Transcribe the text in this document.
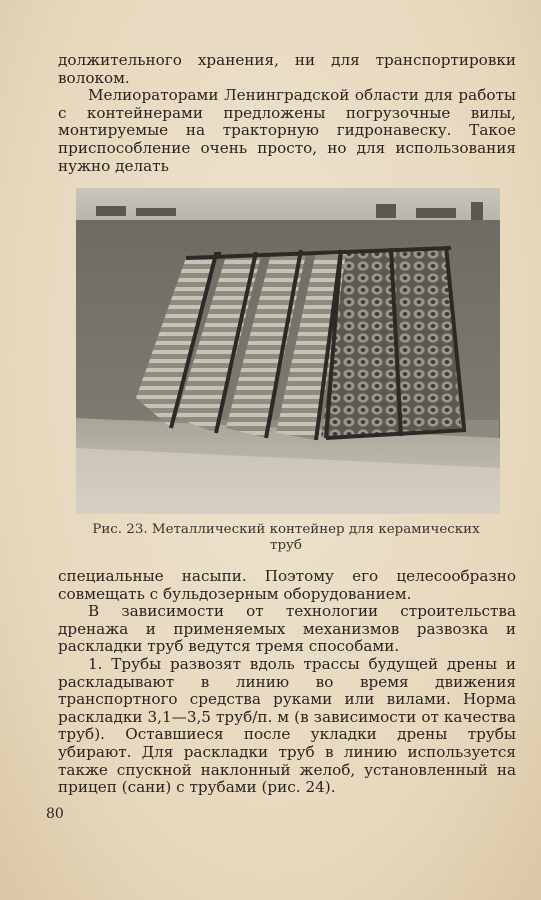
должительного хранения, ни для транспортировки волоком.

Мелиораторами Ленинградской области для работы с контейнерами предложены погрузочные вилы, монтируемые на тракторную гидронавеску. Такое приспособление очень просто, но для использования нужно делать

Рис. 23. Металлический контейнер для керамических труб

специальные насыпи. Поэтому его целесообразно совмещать с бульдозерным оборудованием.

В зависимости от технологии строительства дренажа и применяемых механизмов развозка и раскладки труб ведутся тремя способами.

1. Трубы развозят вдоль трассы будущей дрены и раскладывают в линию во время движения транспортного средства руками или вилами. Норма раскладки 3,1—3,5 труб/п. м (в зависимости от качества труб). Оставшиеся после укладки дрены трубы убирают. Для раскладки труб в линию используется также спускной наклонный желоб, установленный на прицеп (сани) с трубами (рис. 24).

80
